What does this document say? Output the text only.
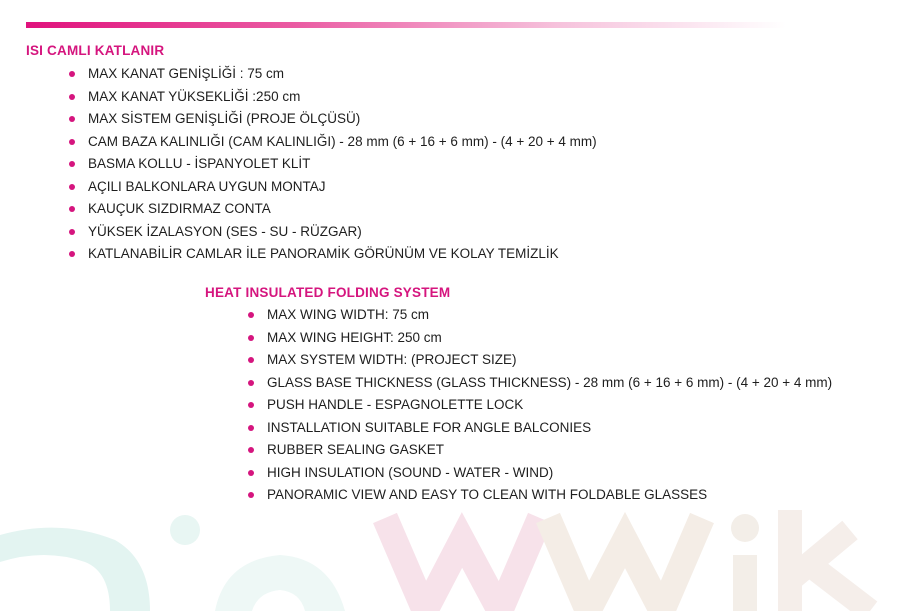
ISI CAMLI KATLANIR
MAX KANAT GENİŞLİĞİ : 75 cm
MAX KANAT YÜKSEKLİĞİ :250 cm
MAX SİSTEM GENİŞLİĞİ (PROJE ÖLÇÜSÜ)
CAM BAZA KALINLIĞI (CAM KALINLIĞI) - 28 mm (6 + 16 + 6 mm) - (4 + 20 + 4 mm)
BASMA KOLLU - İSPANYOLET KLİT
AÇILI BALKONLARA UYGUN MONTAJ
KAUÇUK SIZDIRMAZ CONTA
YÜKSEK İZALASYON (SES - SU - RÜZGAR)
KATLANABİLİR CAMLAR İLE PANORAMİK GÖRÜNÜM VE KOLAY TEMİZLİK
HEAT INSULATED FOLDING SYSTEM
MAX WING WIDTH: 75 cm
MAX WING HEIGHT: 250 cm
MAX SYSTEM WIDTH: (PROJECT SIZE)
GLASS BASE THICKNESS (GLASS THICKNESS) - 28 mm (6 + 16 + 6 mm) - (4 + 20 + 4 mm)
PUSH HANDLE - ESPAGNOLETTE LOCK
INSTALLATION SUITABLE FOR ANGLE BALCONIES
RUBBER SEALING GASKET
HIGH INSULATION (SOUND - WATER - WIND)
PANORAMIC VIEW AND EASY TO CLEAN WITH FOLDABLE GLASSES
